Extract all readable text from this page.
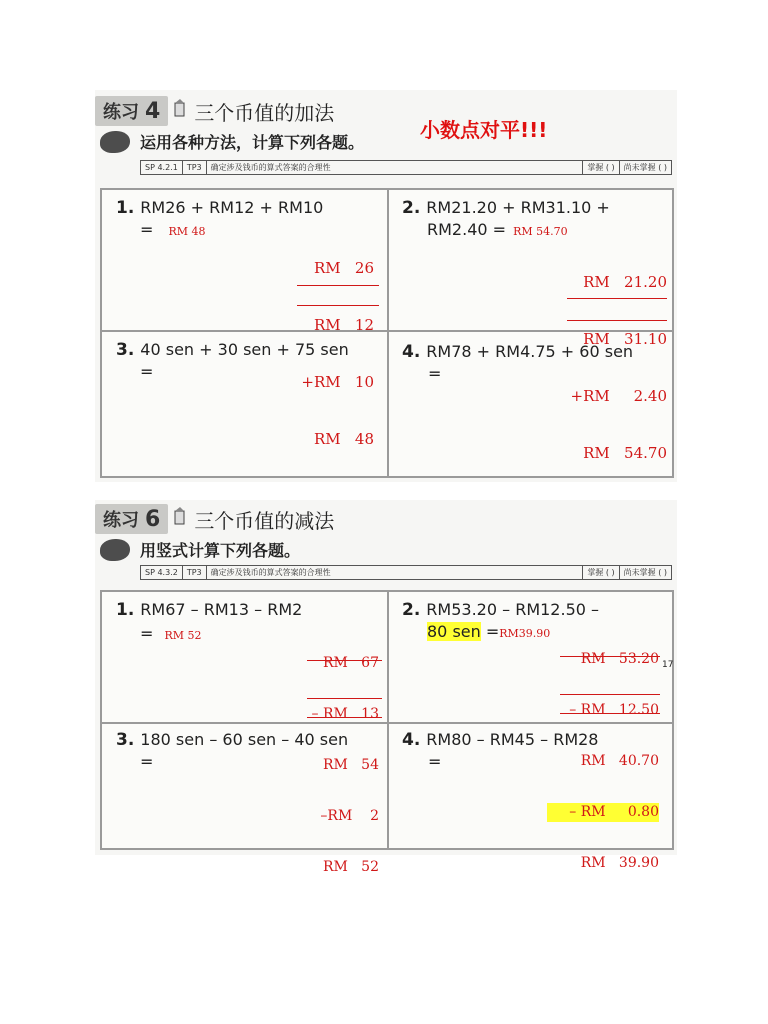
练习 4	三个币值的加法
运用各种方法，计算下列各题。
小数点对平!!!
SP 4.2.1	TP3	确定涉及钱币的算式答案的合理性	掌握 ( )	尚未掌握 ( )
1. RM26 + RM12 + RM10
= RM 48

RM   26

RM   12

+RM   10

RM   48

2. RM21.20 + RM31.10 +
RM2.40 = RM 54.70

RM   21.20

RM   31.10

+RM     2.40

RM   54.70

3. 40 sen + 30 sen + 75 sen
=
4. RM78 + RM4.75 + 60 sen
=
练习 6	三个币值的减法
用竖式计算下列各题。
SP 4.3.2	TP3	确定涉及钱币的算式答案的合理性	掌握 ( )	尚未掌握 ( )
1. RM67 – RM13 – RM2
= RM 52

RM   67

– RM   13

RM   54

–RM    2

RM   52

2. RM53.20 – RM12.50 –
80 sen =RM39.90

RM   53.20

– RM   12.50

RM   40.70

– RM     0.80

RM   39.90

17
3. 180 sen – 60 sen – 40 sen
=
4. RM80 – RM45 – RM28
=
